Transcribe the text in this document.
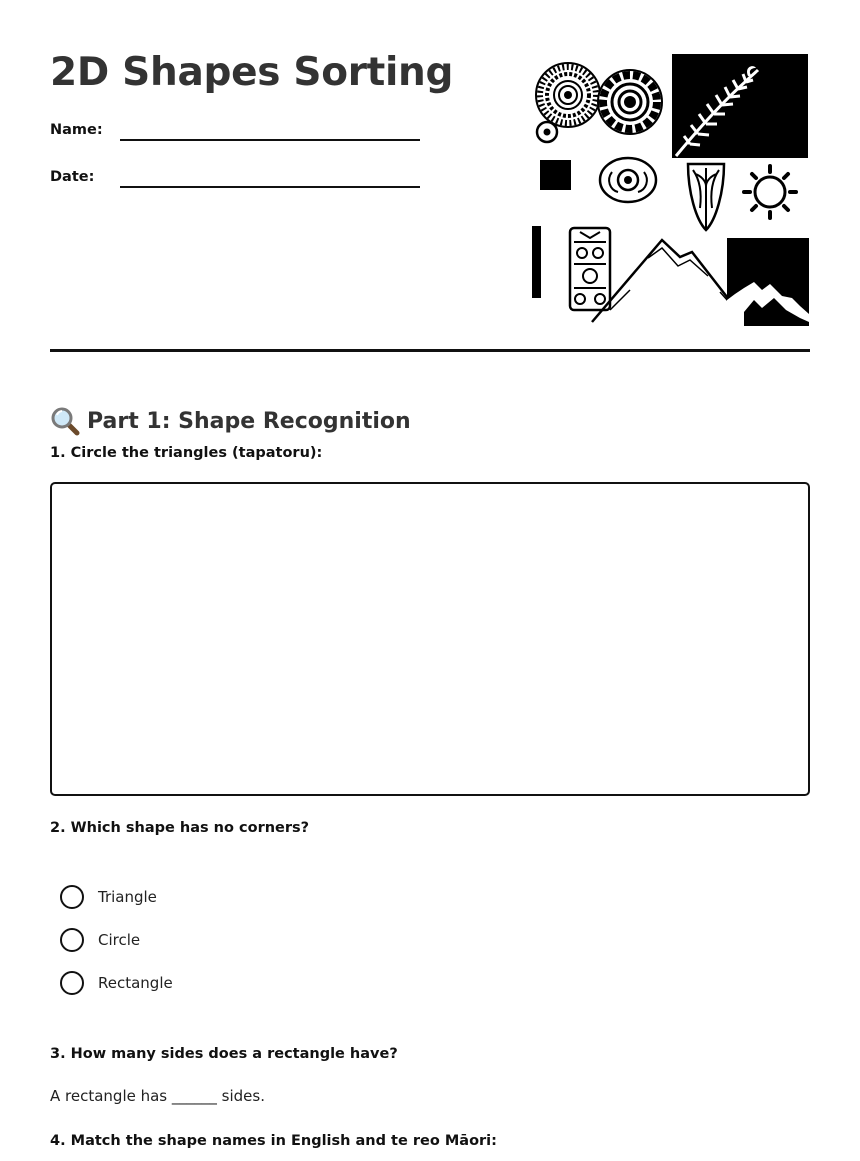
2D Shapes Sorting
Name:
Date:
Part 1: Shape Recognition
1. Circle the triangles (tapatoru):
2. Which shape has no corners?
Triangle
Circle
Rectangle
3. How many sides does a rectangle have?
A rectangle has ______ sides.
4. Match the shape names in English and te reo Māori:
